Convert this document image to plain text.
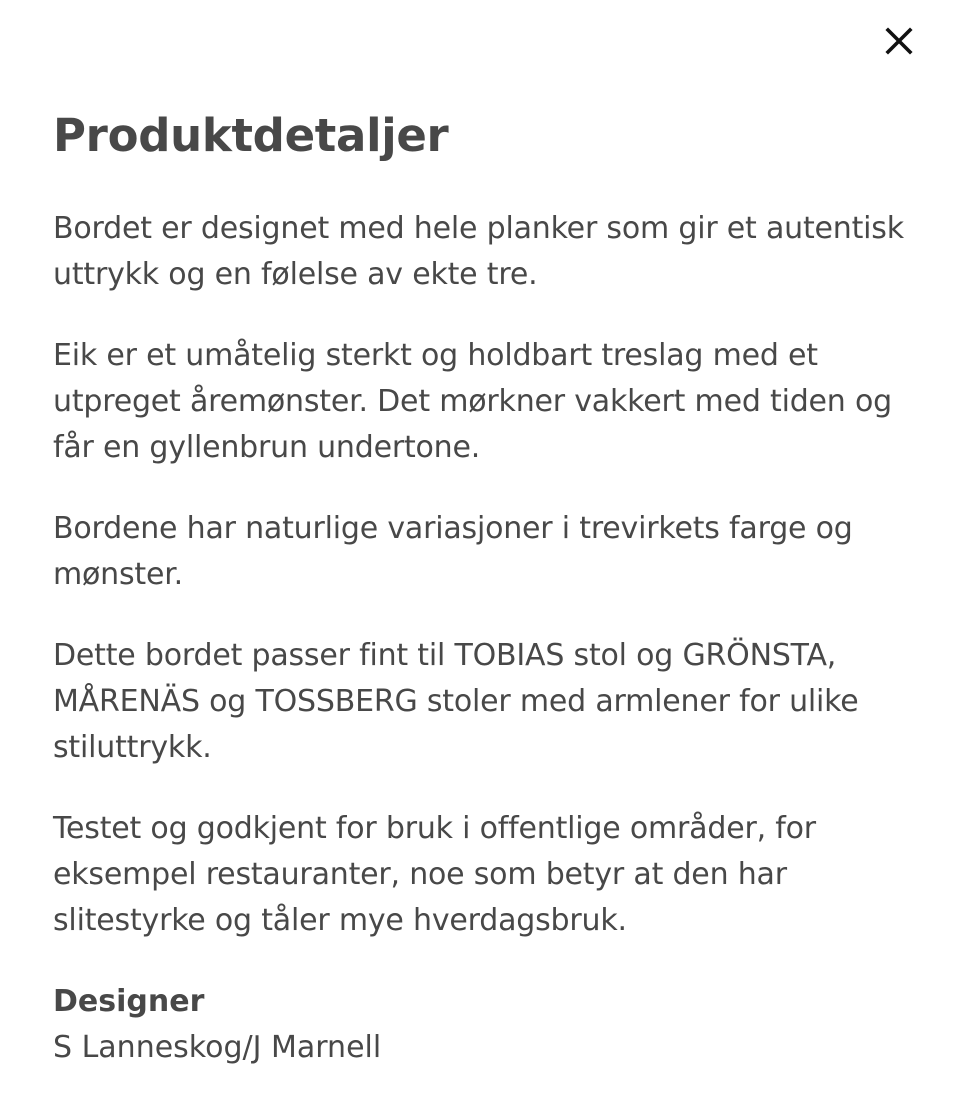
Produktdetaljer

Bordet er designet med hele planker som gir et autentisk uttrykk og en følelse av ekte tre.

Eik er et umåtelig sterkt og holdbart treslag med et utpreget åremønster. Det mørkner vakkert med tiden og får en gyllenbrun undertone.

Bordene har naturlige variasjoner i trevirkets farge og mønster.

Dette bordet passer fint til TOBIAS stol og GRÖNSTA, MÅRENÄS og TOSSBERG stoler med armlener for ulike stiluttrykk.

Testet og godkjent for bruk i offentlige områder, for eksempel restauranter, noe som betyr at den har slitestyrke og tåler mye hverdagsbruk.

Designer

S Lanneskog/J Marnell
